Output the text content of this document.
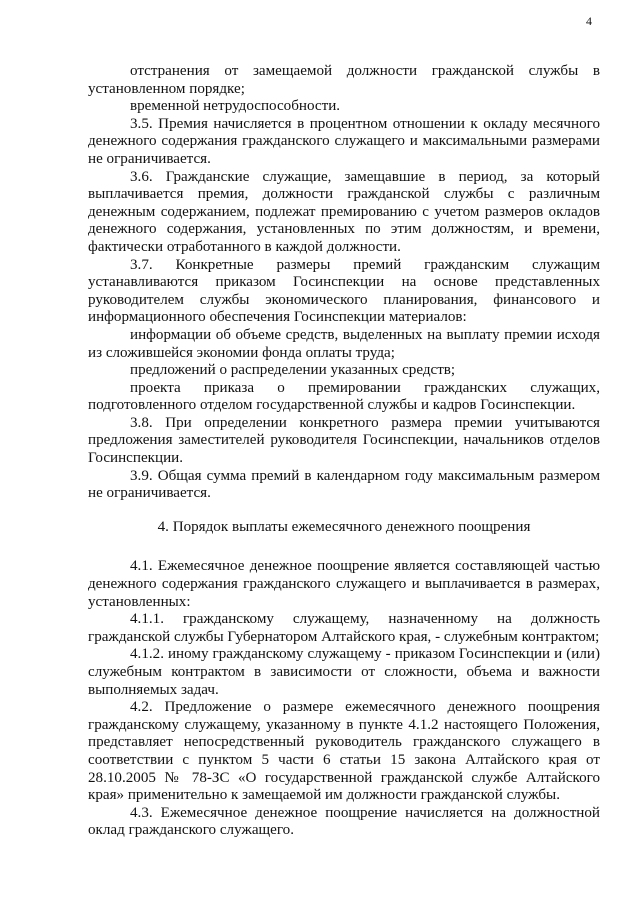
4

отстранения от замещаемой должности гражданской службы в установленном порядке;

временной нетрудоспособности.

3.5. Премия начисляется в процентном отношении к окладу месячного денежного содержания гражданского служащего и максимальными размерами не ограничивается.

3.6. Гражданские служащие, замещавшие в период, за который выплачивается премия, должности гражданской службы с различным денежным содержанием, подлежат премированию с учетом размеров окладов денежного содержания, установленных по этим должностям, и времени, фактически отработанного в каждой должности.

3.7. Конкретные размеры премий гражданским служащим устанавливаются приказом Госинспекции на основе представленных руководителем службы экономического планирования, финансового и информационного обеспечения Госинспекции материалов:

информации об объеме средств, выделенных на выплату премии исходя из сложившейся экономии фонда оплаты труда;

предложений о распределении указанных средств;

проекта приказа о премировании гражданских служащих, подготовленного отделом государственной службы и кадров Госинспекции.

3.8. При определении конкретного размера премии учитываются предложения заместителей руководителя Госинспекции, начальников отделов Госинспекции.

3.9. Общая сумма премий в календарном году максимальным размером не ограничивается.

4. Порядок выплаты ежемесячного денежного поощрения

4.1. Ежемесячное денежное поощрение является составляющей частью денежного содержания гражданского служащего и выплачивается в размерах, установленных:

4.1.1. гражданскому служащему, назначенному на должность гражданской службы Губернатором Алтайского края, - служебным контрактом;

4.1.2. иному гражданскому служащему - приказом Госинспекции и (или) служебным контрактом в зависимости от сложности, объема и важности выполняемых задач.

4.2. Предложение о размере ежемесячного денежного поощрения гражданскому служащему, указанному в пункте 4.1.2 настоящего Положения, представляет непосредственный руководитель гражданского служащего в соответствии с пунктом 5 части 6 статьи 15 закона Алтайского края от 28.10.2005 № 78-ЗС «О государственной гражданской службе Алтайского края» применительно к замещаемой им должности гражданской службы.

4.3. Ежемесячное денежное поощрение начисляется на должностной оклад гражданского служащего.
